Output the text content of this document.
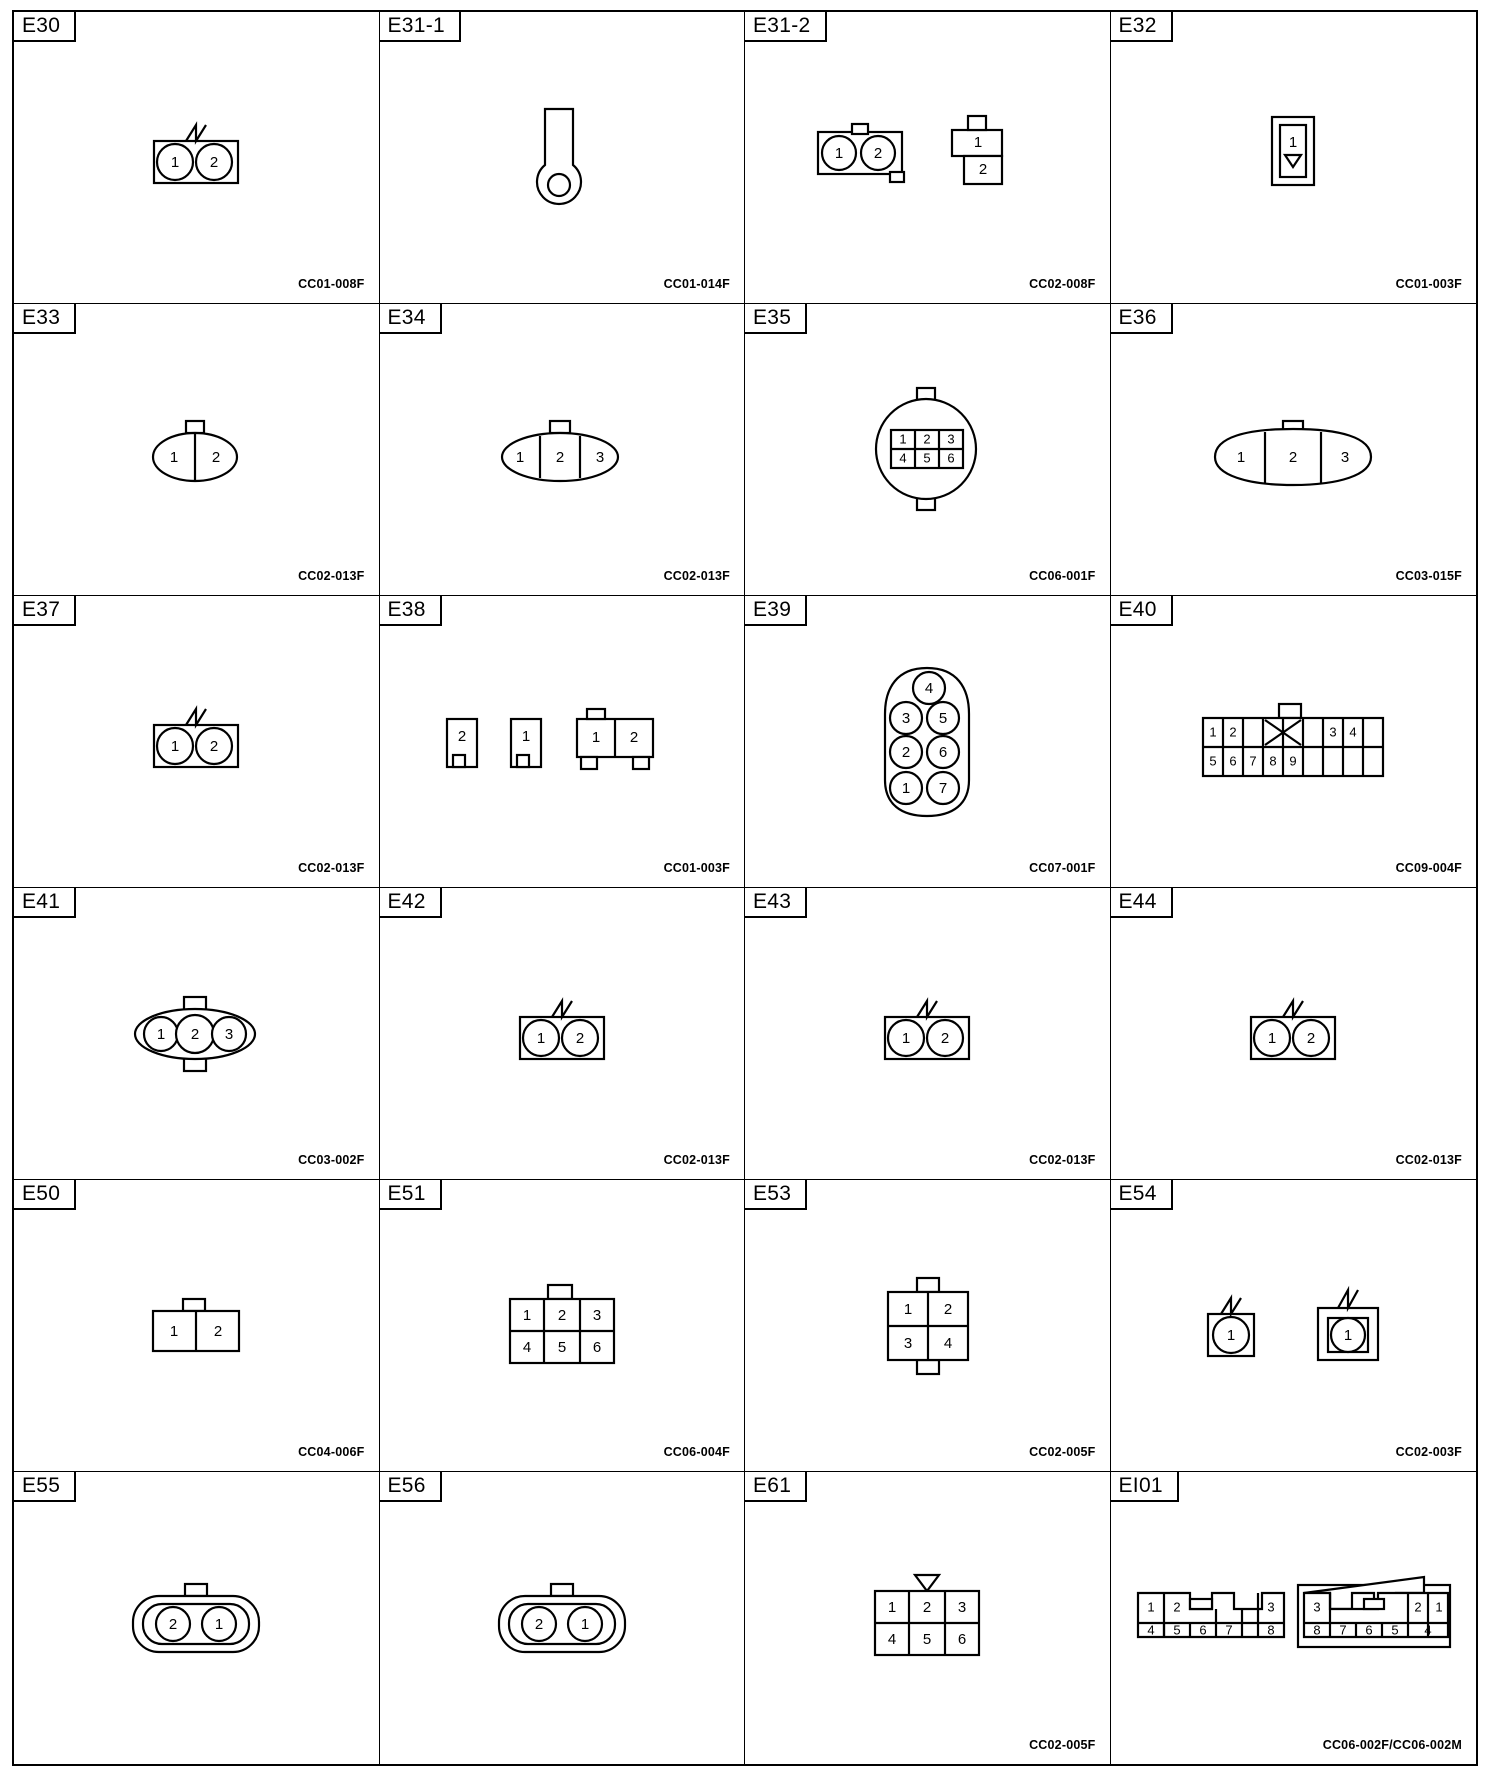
E30
1 2
CC01-008F
E31-1
CC01-014F
E31-2
1 2
1
2
CC02-008F
E32
1
CC01-003F
E33
1 2
CC02-013F
E34
1 2 3
CC02-013F
E35
1 2 3
4 5 6
CC06-001F
E36
1	2	3
CC03-015F
E37
1 2
CC02-013F
E38
2	1	1 2
CC01-003F
E39
4
3 5
2 6
1 7
CC07-001F
E40
1 2	3 4
5 6 7 8 9
CC09-004F
E41
1 2 3
CC03-002F
E42
1 2
CC02-013F
E43
1 2
CC02-013F
E44
1 2
CC02-013F
E50
1 2
CC04-006F
E51
1 2 3
4 5 6
CC06-004F
E53
1 2
3 4
CC02-005F
E54
1	1
CC02-003F
E55
2	1
E56
2	1
E61
1 2 3
4 5 6
CC02-005F
EI01
1 2	3
4 5 6 7	8
3	2 1
8 7 6 5 4
CC06-002F/CC06-002M
